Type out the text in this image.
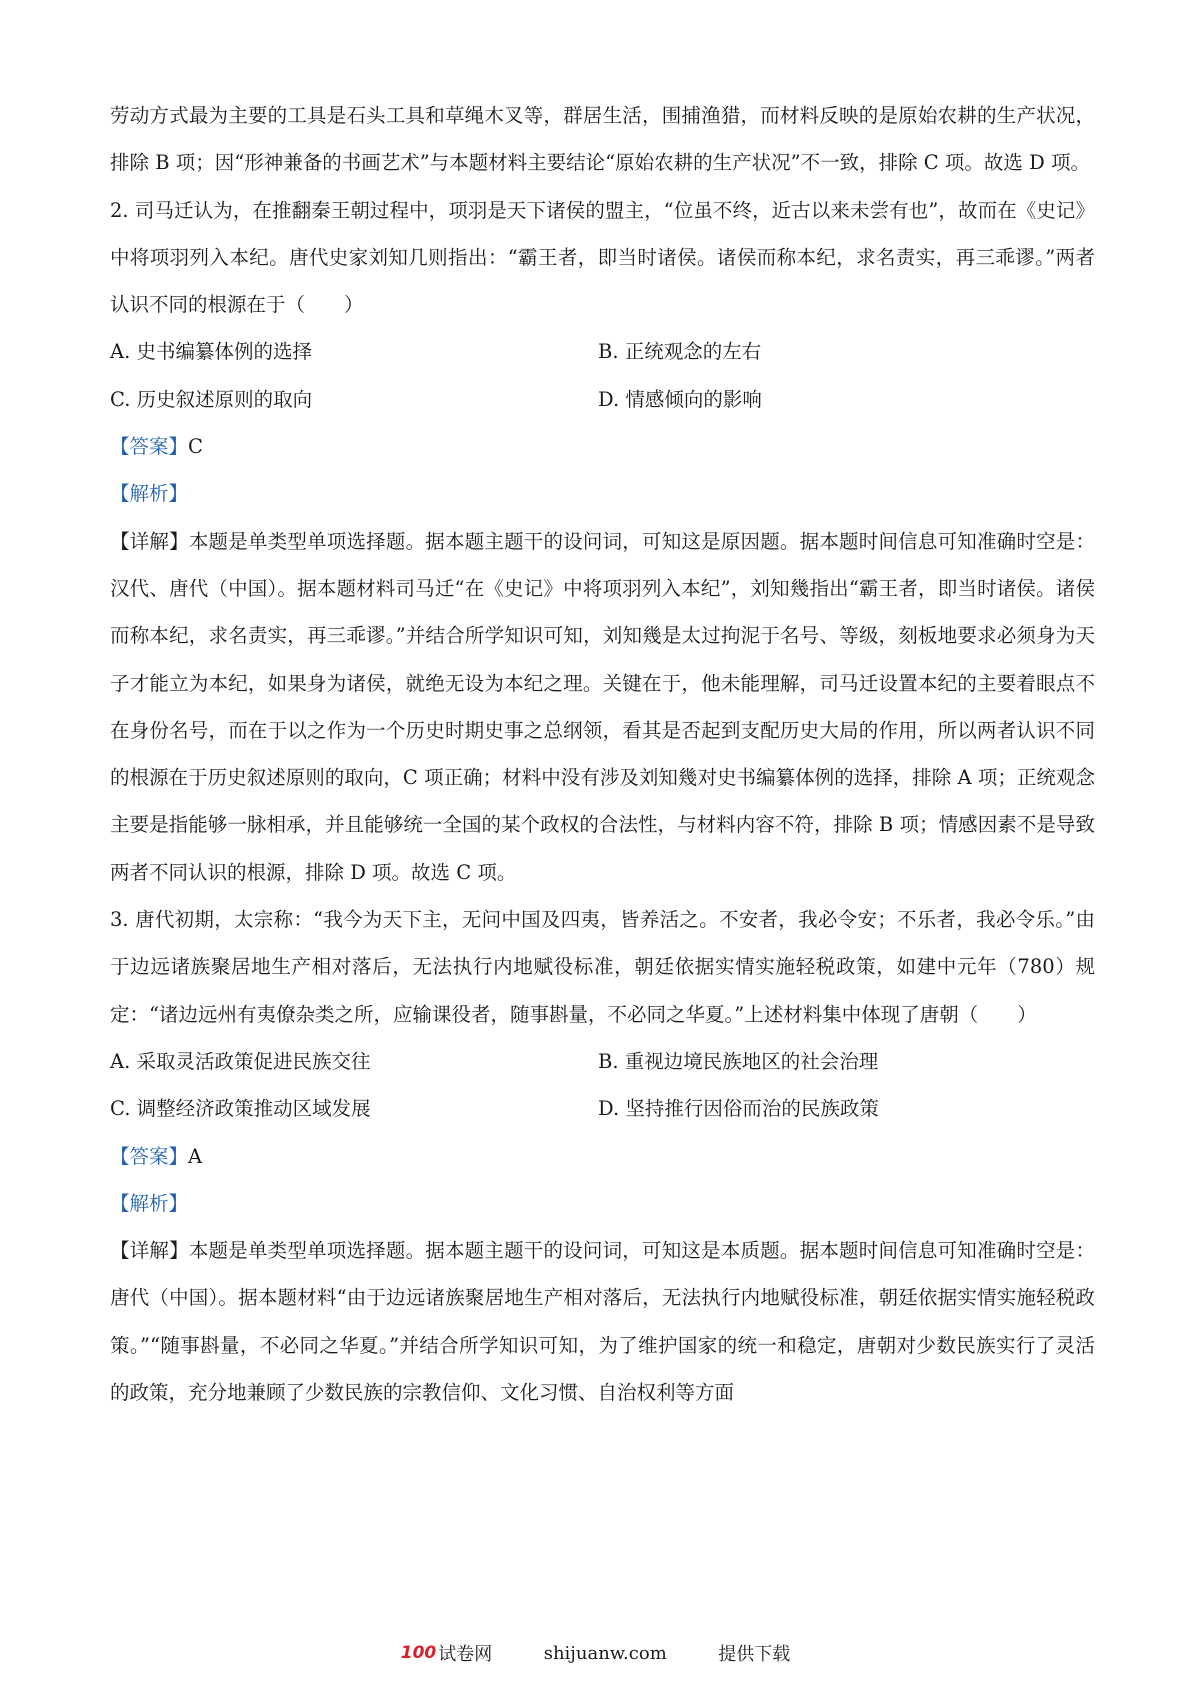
劳动方式最为主要的工具是石头工具和草绳木叉等，群居生活，围捕渔猎，而材料反映的是原始农耕的生产状况，排除 B 项；因“形神兼备的书画艺术”与本题材料主要结论“原始农耕的生产状况”不一致，排除 C 项。故选 D 项。

2. 司马迁认为，在推翻秦王朝过程中，项羽是天下诸侯的盟主，“位虽不终，近古以来未尝有也”，故而在《史记》中将项羽列入本纪。唐代史家刘知几则指出：“霸王者，即当时诸侯。诸侯而称本纪，求名责实，再三乖谬。”两者认识不同的根源在于（　　）

A. 史书编纂体例的选择	B. 正统观念的左右
C. 历史叙述原则的取向	D. 情感倾向的影响

【答案】C

【解析】

【详解】本题是单类型单项选择题。据本题主题干的设问词，可知这是原因题。据本题时间信息可知准确时空是：汉代、唐代（中国）。据本题材料司马迁“在《史记》中将项羽列入本纪”，刘知幾指出“霸王者，即当时诸侯。诸侯而称本纪，求名责实，再三乖谬。”并结合所学知识可知，刘知幾是太过拘泥于名号、等级，刻板地要求必须身为天子才能立为本纪，如果身为诸侯，就绝无设为本纪之理。关键在于，他未能理解，司马迁设置本纪的主要着眼点不在身份名号，而在于以之作为一个历史时期史事之总纲领，看其是否起到支配历史大局的作用，所以两者认识不同的根源在于历史叙述原则的取向，C 项正确；材料中没有涉及刘知幾对史书编纂体例的选择，排除 A 项；正统观念主要是指能够一脉相承，并且能够统一全国的某个政权的合法性，与材料内容不符，排除 B 项；情感因素不是导致两者不同认识的根源，排除 D 项。故选 C 项。

3. 唐代初期，太宗称：“我今为天下主，无问中国及四夷，皆养活之。不安者，我必令安；不乐者，我必令乐。”由于边远诸族聚居地生产相对落后，无法执行内地赋役标准，朝廷依据实情实施轻税政策，如建中元年（780）规定：“诸边远州有夷僚杂类之所，应输课役者，随事斟量，不必同之华夏。”上述材料集中体现了唐朝（　　）

A. 采取灵活政策促进民族交往	B. 重视边境民族地区的社会治理
C. 调整经济政策推动区域发展	D. 坚持推行因俗而治的民族政策

【答案】A

【解析】

【详解】本题是单类型单项选择题。据本题主题干的设问词，可知这是本质题。据本题时间信息可知准确时空是：唐代（中国）。据本题材料“由于边远诸族聚居地生产相对落后，无法执行内地赋役标准，朝廷依据实情实施轻税政策。”“随事斟量，不必同之华夏。”并结合所学知识可知，为了维护国家的统一和稳定，唐朝对少数民族实行了灵活的政策，充分地兼顾了少数民族的宗教信仰、文化习惯、自治权利等方面

100 试卷网	shijuanw.com	提供下载
